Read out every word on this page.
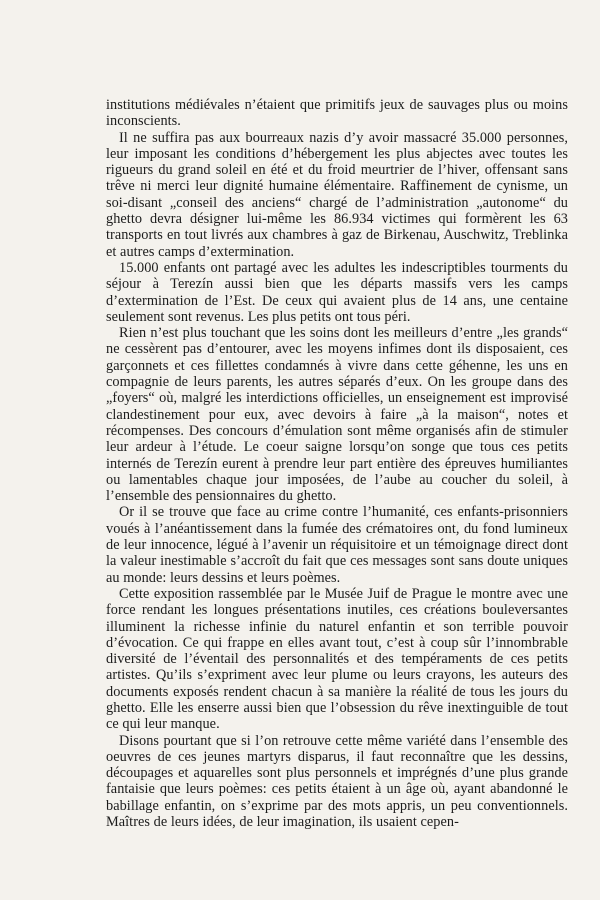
institutions médiévales n’étaient que primitifs jeux de sauvages plus ou moins inconscients.

Il ne suffira pas aux bourreaux nazis d’y avoir massacré 35.000 personnes, leur imposant les conditions d’hébergement les plus abjectes avec toutes les rigueurs du grand soleil en été et du froid meurtrier de l’hiver, offensant sans trêve ni merci leur dignité humaine élémentaire. Raffinement de cynisme, un soi-disant „conseil des anciens“ chargé de l’administration „autonome“ du ghetto devra désigner lui-même les 86.934 victimes qui formèrent les 63 transports en tout livrés aux chambres à gaz de Birkenau, Auschwitz, Treblinka et autres camps d’extermination.

15.000 enfants ont partagé avec les adultes les indescriptibles tourments du séjour à Terezín aussi bien que les départs massifs vers les camps d’extermination de l’Est. De ceux qui avaient plus de 14 ans, une centaine seulement sont revenus. Les plus petits ont tous péri.

Rien n’est plus touchant que les soins dont les meilleurs d’entre „les grands“ ne cessèrent pas d’entourer, avec les moyens infimes dont ils disposaient, ces garçonnets et ces fillettes condamnés à vivre dans cette géhenne, les uns en compagnie de leurs parents, les autres séparés d’eux. On les groupe dans des „foyers“ où, malgré les interdictions officielles, un enseignement est improvisé clandestinement pour eux, avec devoirs à faire „à la maison“, notes et récompenses. Des concours d’émulation sont même organisés afin de stimuler leur ardeur à l’étude. Le coeur saigne lorsqu’on songe que tous ces petits internés de Terezín eurent à prendre leur part entière des épreuves humiliantes ou lamentables chaque jour imposées, de l’aube au coucher du soleil, à l’ensemble des pensionnaires du ghetto.

Or il se trouve que face au crime contre l’humanité, ces enfants-prisonniers voués à l’anéantissement dans la fumée des crématoires ont, du fond lumineux de leur innocence, légué à l’avenir un réquisitoire et un témoignage direct dont la valeur inestimable s’accroît du fait que ces messages sont sans doute uniques au monde: leurs dessins et leurs poèmes.

Cette exposition rassemblée par le Musée Juif de Prague le montre avec une force rendant les longues présentations inutiles, ces créations bouleversantes illuminent la richesse infinie du naturel enfantin et son terrible pouvoir d’évocation. Ce qui frappe en elles avant tout, c’est à coup sûr l’innombrable diversité de l’éventail des personnalités et des tempéraments de ces petits artistes. Qu’ils s’expriment avec leur plume ou leurs crayons, les auteurs des documents exposés rendent chacun à sa manière la réalité de tous les jours du ghetto. Elle les enserre aussi bien que l’obsession du rêve inextinguible de tout ce qui leur manque.

Disons pourtant que si l’on retrouve cette même variété dans l’ensemble des oeuvres de ces jeunes martyrs disparus, il faut reconnaître que les dessins, découpages et aquarelles sont plus personnels et imprégnés d’une plus grande fantaisie que leurs poèmes: ces petits étaient à un âge où, ayant abandonné le babillage enfantin, on s’exprime par des mots appris, un peu conventionnels. Maîtres de leurs idées, de leur imagination, ils usaient cepen-
